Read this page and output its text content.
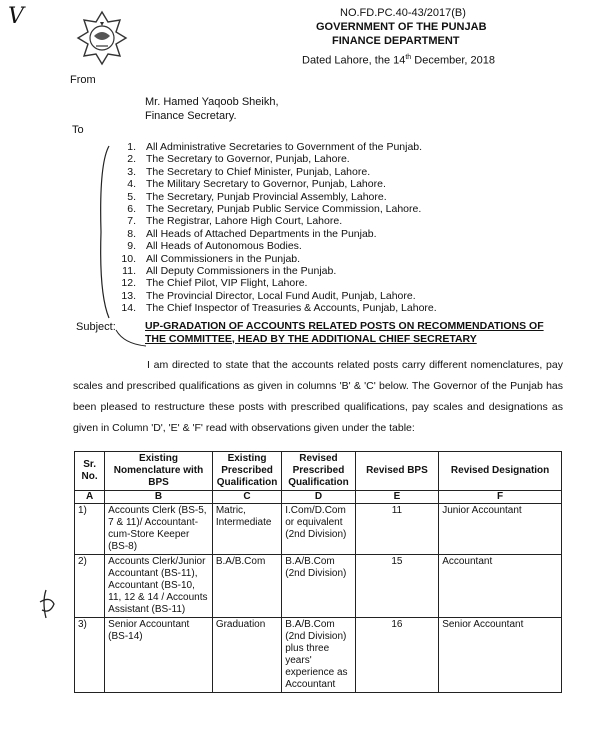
V	NO.FD.PC.40-43/2017(B)
GOVERNMENT OF THE PUNJAB
FINANCE DEPARTMENT
Dated Lahore, the 14th December, 2018
From
Mr. Hamed Yaqoob Sheikh,
Finance Secretary.
To
1. All Administrative Secretaries to Government of the Punjab.
2. The Secretary to Governor, Punjab, Lahore.
3. The Secretary to Chief Minister, Punjab, Lahore.
4. The Military Secretary to Governor, Punjab, Lahore.
5. The Secretary, Punjab Provincial Assembly, Lahore.
6. The Secretary, Punjab Public Service Commission, Lahore.
7. The Registrar, Lahore High Court, Lahore.
8. All Heads of Attached Departments in the Punjab.
9. All Heads of Autonomous Bodies.
10. All Commissioners in the Punjab.
11. All Deputy Commissioners in the Punjab.
12. The Chief Pilot, VIP Flight, Lahore.
13. The Provincial Director, Local Fund Audit, Punjab, Lahore.
14. The Chief Inspector of Treasuries & Accounts, Punjab, Lahore.
Subject:	UP-GRADATION OF ACCOUNTS RELATED POSTS ON RECOMMENDATIONS OF THE COMMITTEE, HEAD BY THE ADDITIONAL CHIEF SECRETARY

I am directed to state that the accounts related posts carry different nomenclatures, pay scales and prescribed qualifications as given in columns 'B' & 'C' below. The Governor of the Punjab has been pleased to restructure these posts with prescribed qualifications, pay scales and designations as given in Column 'D', 'E' & 'F' read with observations given under the table:

Sr. No.	Existing Nomenclature with BPS	Existing Prescribed Qualification	Revised Prescribed Qualification	Revised BPS	Revised Designation
A	B	C	D	E	F
1)	Accounts Clerk (BS-5, 7 & 11)/ Accountant-cum-Store Keeper (BS-8)	Matric, Intermediate	I.Com/D.Com or equivalent (2nd Division)	11	Junior Accountant
2)	Accounts Clerk/Junior Accountant (BS-11), Accountant (BS-10, 11, 12 & 14 / Accounts Assistant (BS-11)	B.A/B.Com	B.A/B.Com (2nd Division)	15	Accountant
3)	Senior Accountant (BS-14)	Graduation	B.A/B.Com (2nd Division) plus three years' experience as Accountant	16	Senior Accountant
